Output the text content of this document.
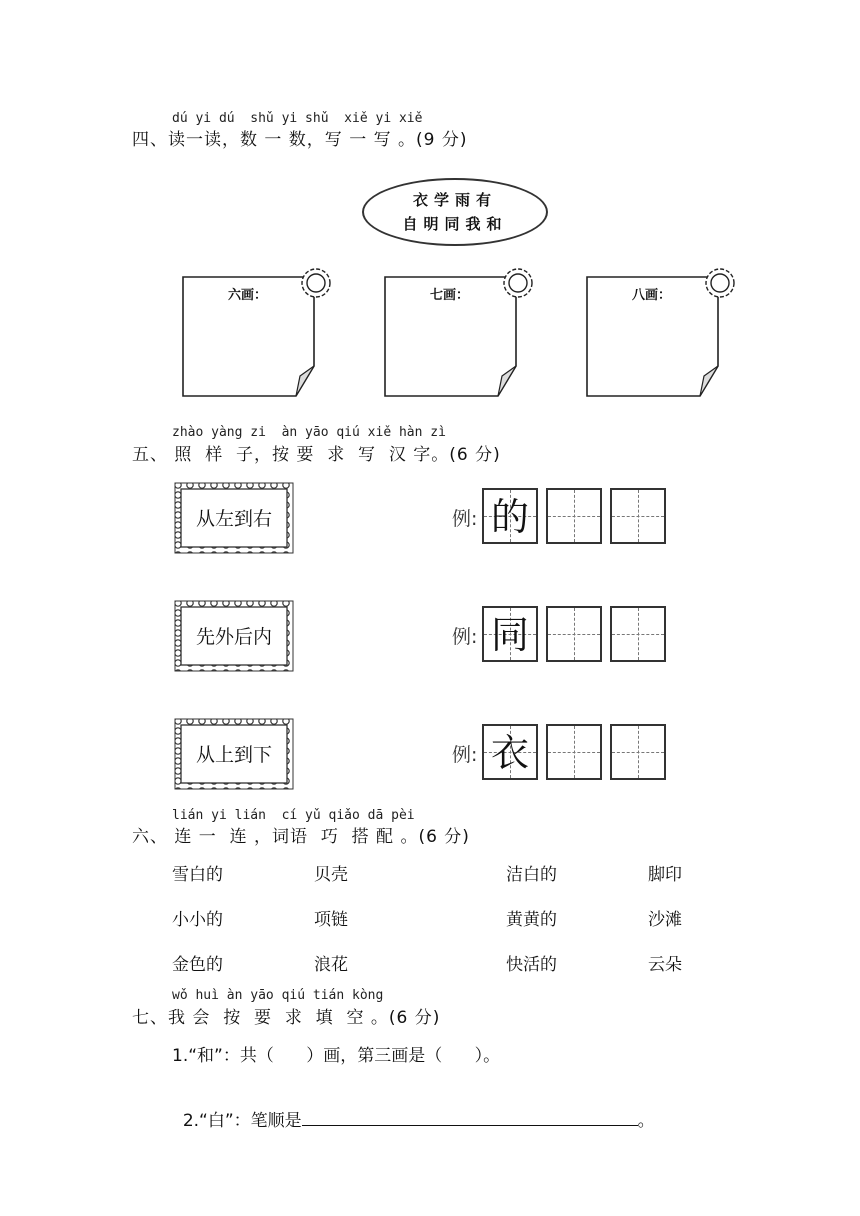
dú yi dú  shǔ yi shǔ  xiě yi xiě
四、读一读，数 一 数，写 一 写 。(9 分)
衣学雨有
自明同我和
六画：	七画：	八画：
zhào yàng zi  àn yāo qiú xiě hàn zì
五、 照  样  子，按 要  求  写  汉 字。(6 分)
从左到右	例: 的
先外后内	例: 同
从上到下	例: 衣
lián yi lián  cí yǔ qiǎo dā pèi
六、 连 一  连 ，词语  巧  搭 配 。(6 分)
雪白的	贝壳	洁白的	脚印
小小的	项链	黄黄的	沙滩
金色的	浪花	快活的	云朵
wǒ huì àn yāo qiú tián kòng
七、我 会  按  要  求  填  空 。(6 分)
1.“和”：共（      ）画，第三画是（      ）。

2.“白”：笔顺是	。
